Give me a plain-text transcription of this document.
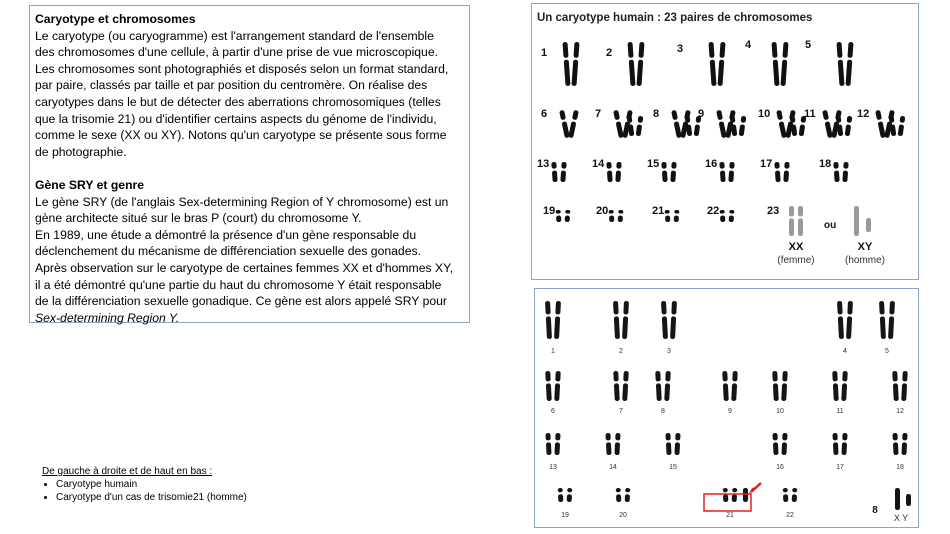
Caryotype et chromosomes

Le caryotype (ou caryogramme) est l'arrangement standard de l'ensemble

des chromosomes d'une cellule, à partir d'une prise de vue microscopique.

Les chromosomes sont photographiés et disposés selon un format standard,

par paire, classés par taille et par position du centromère. On réalise des

caryotypes dans le but de détecter des aberrations chromosomiques (telles

que la trisomie 21) ou d'identifier certains aspects du génome de l'individu,

comme le sexe (XX ou XY). Notons qu'un caryotype se présente sous forme

de photographie.

Gène SRY et genre

Le gène SRY (de l'anglais Sex-determining Region of Y chromosome) est un

gène architecte situé sur le bras P (court) du chromosome Y.

En 1989, une étude a démontré la présence d'un gène responsable du

déclenchement du mécanisme de différenciation sexuelle des gonades.

Après observation sur le caryotype de certaines femmes XX et d'hommes XY,

il a été démontré qu'une partie du haut du chromosome Y était responsable

de la différenciation sexuelle gonadique. Ce gène est alors appelé SRY pour

Sex-determining Region Y.

De gauche à droite et de haut en bas :
• Caryotype humain
• Caryotype d'un cas de trisomie21 (homme)
Un caryotype humain : 23 paires de chromosomes
1	2	3	4	5
6	7	8	9	10	11	12
13	14	15	16	17	18
19	20	21	22	23
ou
XX
(femme)
XY
(homme)
1	2	3	4	5
6	7	8	9	10	11	12
13	14	15	16	17	18
19	20	21	22	X Y
8
